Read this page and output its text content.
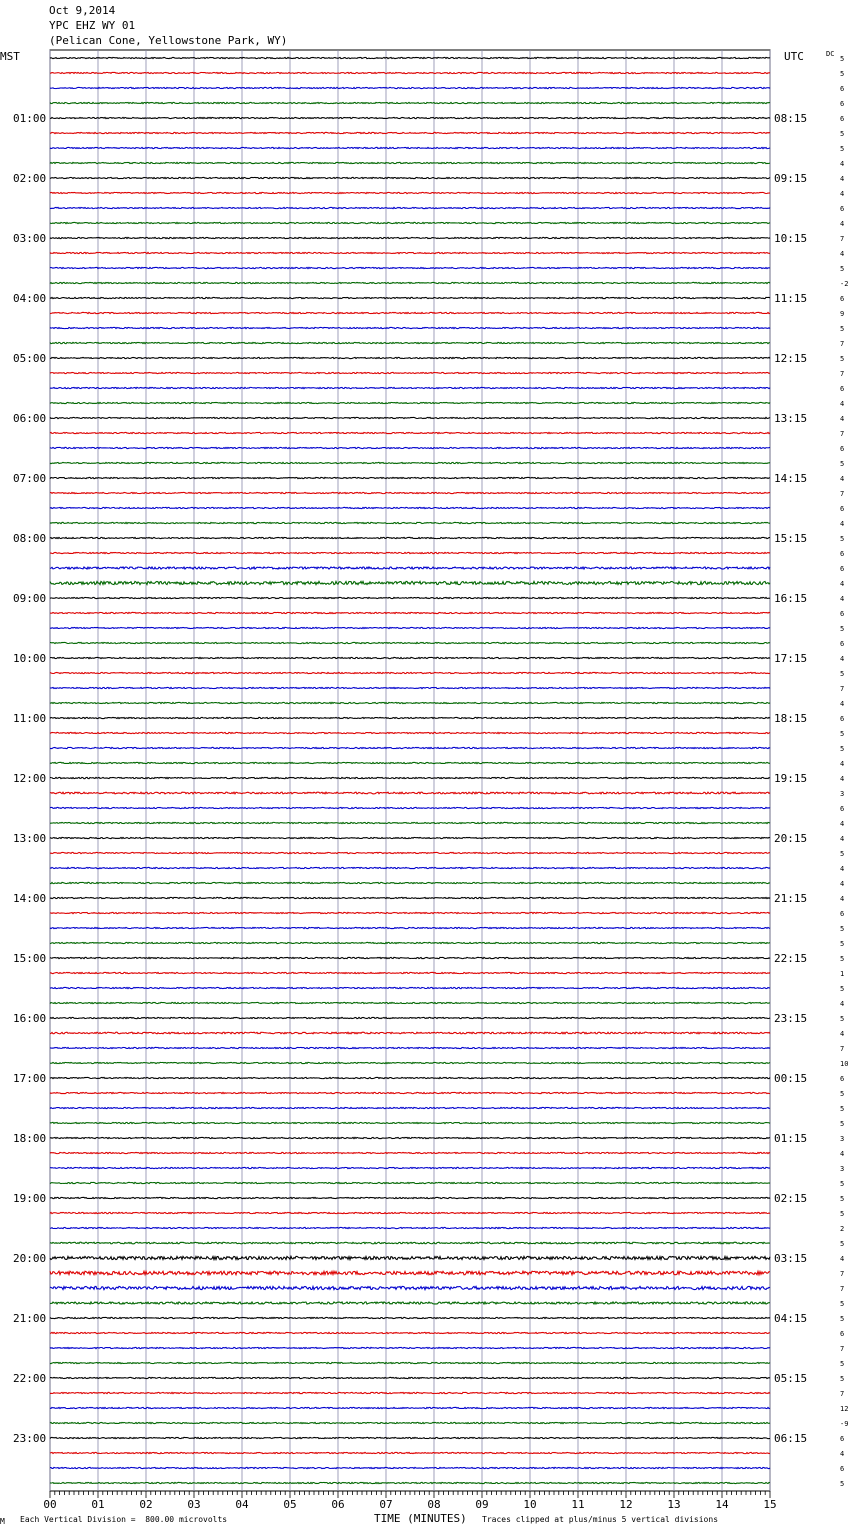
Oct 9,2014
YPC EHZ WY 01
(Pelican Cone, Yellowstone Park, WY)
MST	UTC	DC
5
5
6
6
6
5
5
4
4
4
6
4
7
4
5
-2
6
9
5
7
5
7
6
4
4
7
6
5
4
7
6
4
5
6
6
4
4
6
5
6
4
5
7
4
6
5
5
4
4
3
6
4
4
5
4
4
4
6
5
5
5
1
5
4
5
4
7
10
6
5
5
5
3
4
3
5
5
5
2
5
4
7
7
5
5
6
7
5
5
7
12
-9
6
4
6
5
01:00	08:15
02:00	09:15
03:00	10:15
04:00	11:15
05:00	12:15
06:00	13:15
07:00	14:15
08:00	15:15
09:00	16:15
10:00	17:15
11:00	18:15
12:00	19:15
13:00	20:15
14:00	21:15
15:00	22:15
16:00	23:15
17:00	00:15
18:00	01:15
19:00	02:15
20:00	03:15
21:00	04:15
22:00	05:15
23:00	06:15
00	01	02	03	04	05	06	07	08	09	10	11	12	13	14	15
M Each Vertical Division =  800.00 microvolts	TIME (MINUTES) Traces clipped at plus/minus 5 vertical divisions
